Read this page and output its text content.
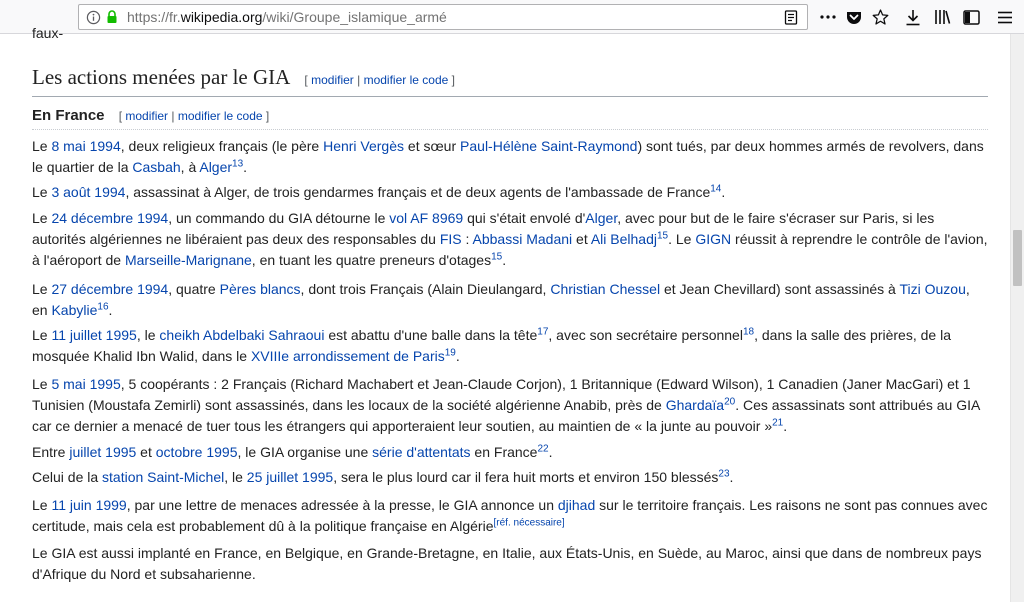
https://fr.wikipedia.org/wiki/Groupe_islamique_armé
faux-
Les actions menées par le GIA [ modifier | modifier le code ]
En France [ modifier | modifier le code ]

Le 8 mai 1994, deux religieux français (le père Henri Vergès et sœur Paul-Hélène Saint-Raymond) sont tués, par deux hommes armés de revolvers, dans le quartier de la Casbah, à Alger$^{13}$.

Le 3 août 1994, assassinat à Alger, de trois gendarmes français et de deux agents de l'ambassade de France$^{14}$.

Le 24 décembre 1994, un commando du GIA détourne le vol AF 8969 qui s'était envolé d'Alger, avec pour but de le faire s'écraser sur Paris, si les autorités algériennes ne libéraient pas deux des responsables du FIS : Abbassi Madani et Ali Belhadj$^{15}$. Le GIGN réussit à reprendre le contrôle de l'avion, à l'aéroport de Marseille-Marignane, en tuant les quatre preneurs d'otages$^{15}$.

Le 27 décembre 1994, quatre Pères blancs, dont trois Français (Alain Dieulangard, Christian Chessel et Jean Chevillard) sont assassinés à Tizi Ouzou, en Kabylie$^{16}$.

Le 11 juillet 1995, le cheikh Abdelbaki Sahraoui est abattu d'une balle dans la tête$^{17}$, avec son secrétaire personnel$^{18}$, dans la salle des prières, de la mosquée Khalid Ibn Walid, dans le XVIIIe arrondissement de Paris$^{19}$.

Le 5 mai 1995, 5 coopérants : 2 Français (Richard Machabert et Jean-Claude Corjon), 1 Britannique (Edward Wilson), 1 Canadien (Janer MacGari) et 1 Tunisien (Moustafa Zemirli) sont assassinés, dans les locaux de la société algérienne Anabib, près de Ghardaïa$^{20}$. Ces assassinats sont attribués au GIA car ce dernier a menacé de tuer tous les étrangers qui apporteraient leur soutien, au maintien de « la junte au pouvoir »$^{21}$.

Entre juillet 1995 et octobre 1995, le GIA organise une série d'attentats en France$^{22}$.

Celui de la station Saint-Michel, le 25 juillet 1995, sera le plus lourd car il fera huit morts et environ 150 blessés$^{23}$.

Le 11 juin 1999, par une lettre de menaces adressée à la presse, le GIA annonce un djihad sur le territoire français. Les raisons ne sont pas connues avec certitude, mais cela est probablement dû à la politique française en Algérie[réf. nécessaire]

Le GIA est aussi implanté en France, en Belgique, en Grande-Bretagne, en Italie, aux États-Unis, en Suède, au Maroc, ainsi que dans de nombreux pays d'Afrique du Nord et subsaharienne.
